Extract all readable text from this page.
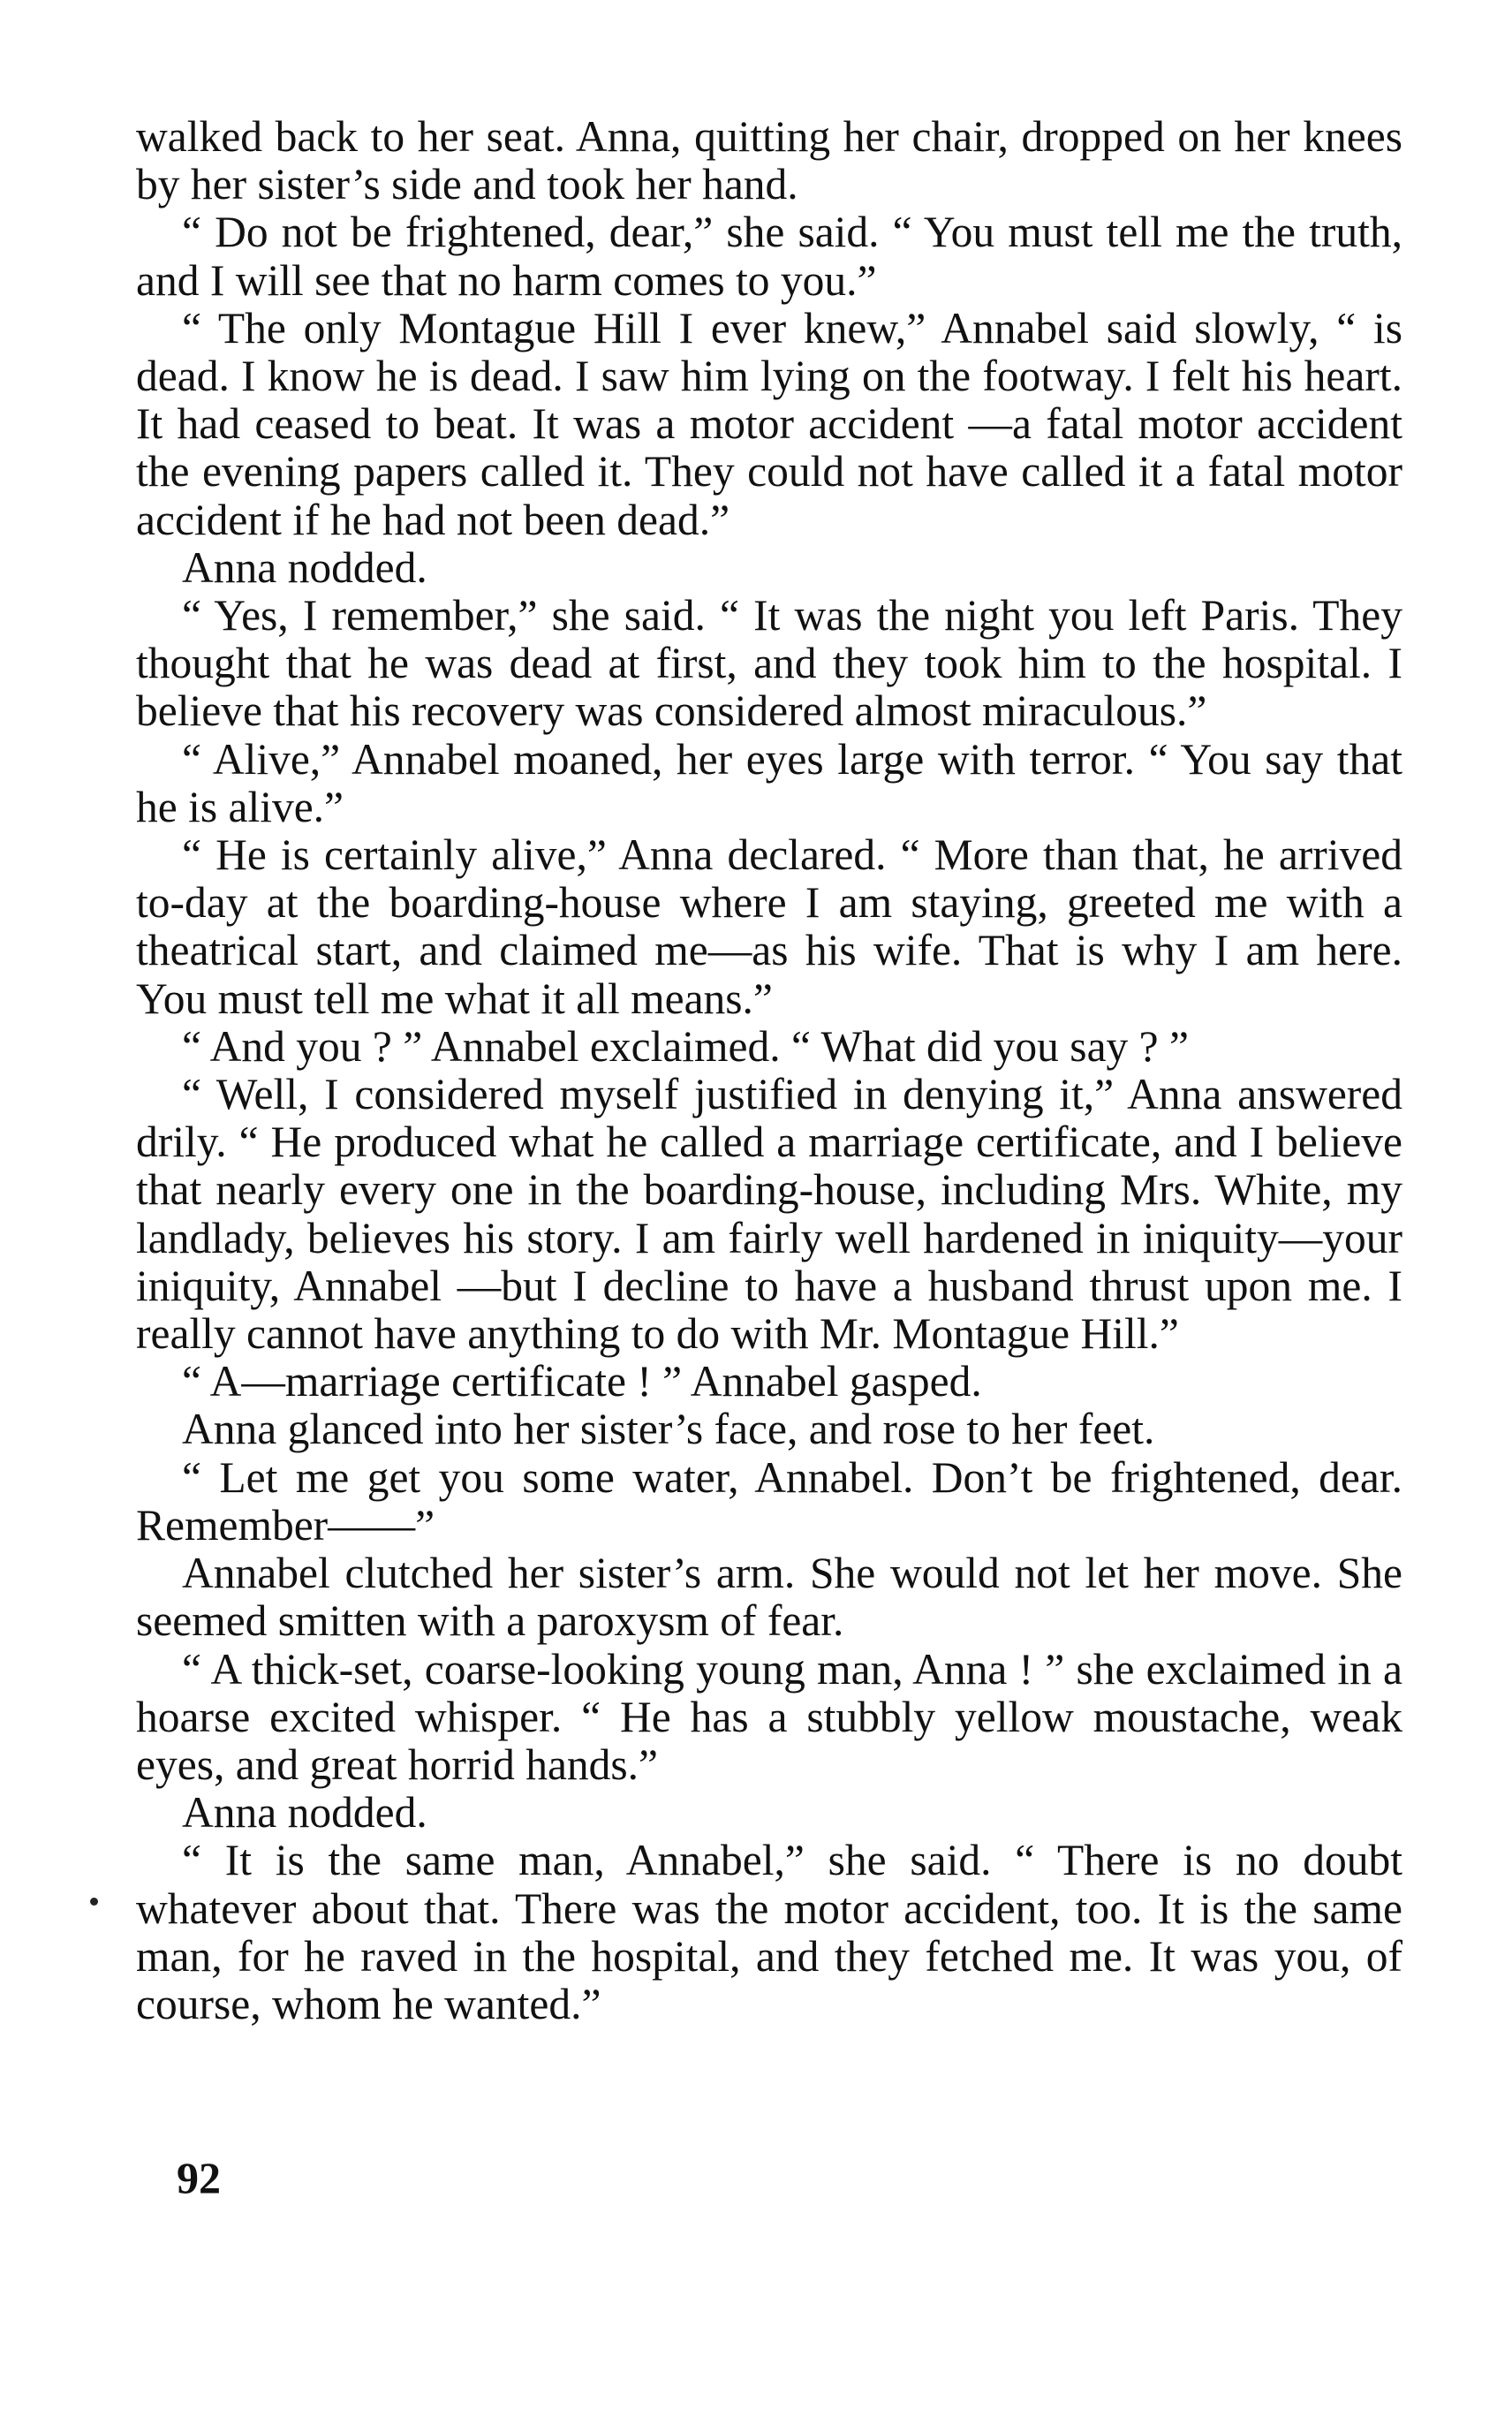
walked back to her seat. Anna, quitting her chair, dropped on her knees by her sister’s side and took her hand.

“ Do not be frightened, dear,” she said. “ You must tell me the truth, and I will see that no harm comes to you.”

“ The only Montague Hill I ever knew,” Annabel said slowly, “ is dead. I know he is dead. I saw him lying on the footway. I felt his heart. It had ceased to beat. It was a motor accident —a fatal motor accident the evening papers called it. They could not have called it a fatal motor accident if he had not been dead.”

Anna nodded.

“ Yes, I remember,” she said. “ It was the night you left Paris. They thought that he was dead at first, and they took him to the hospital. I believe that his recovery was considered almost miraculous.”

“ Alive,” Annabel moaned, her eyes large with terror. “ You say that he is alive.”

“ He is certainly alive,” Anna declared. “ More than that, he arrived to-day at the boarding-house where I am staying, greeted me with a theatrical start, and claimed me—as his wife. That is why I am here. You must tell me what it all means.”

“ And you ? ” Annabel exclaimed. “ What did you say ? ”

“ Well, I considered myself justified in denying it,” Anna answered drily. “ He produced what he called a marriage certificate, and I believe that nearly every one in the boarding-house, including Mrs. White, my landlady, believes his story. I am fairly well hardened in iniquity—your iniquity, Annabel —but I decline to have a husband thrust upon me. I really cannot have anything to do with Mr. Montague Hill.”

“ A—marriage certificate ! ” Annabel gasped.

Anna glanced into her sister’s face, and rose to her feet.

“ Let me get you some water, Annabel. Don’t be frightened, dear. Remember——”

Annabel clutched her sister’s arm. She would not let her move. She seemed smitten with a paroxysm of fear.

“ A thick-set, coarse-looking young man, Anna ! ” she exclaimed in a hoarse excited whisper. “ He has a stubbly yellow moustache, weak eyes, and great horrid hands.”

Anna nodded.

“ It is the same man, Annabel,” she said. “ There is no doubt whatever about that. There was the motor accident, too. It is the same man, for he raved in the hospital, and they fetched me. It was you, of course, whom he wanted.”

92
